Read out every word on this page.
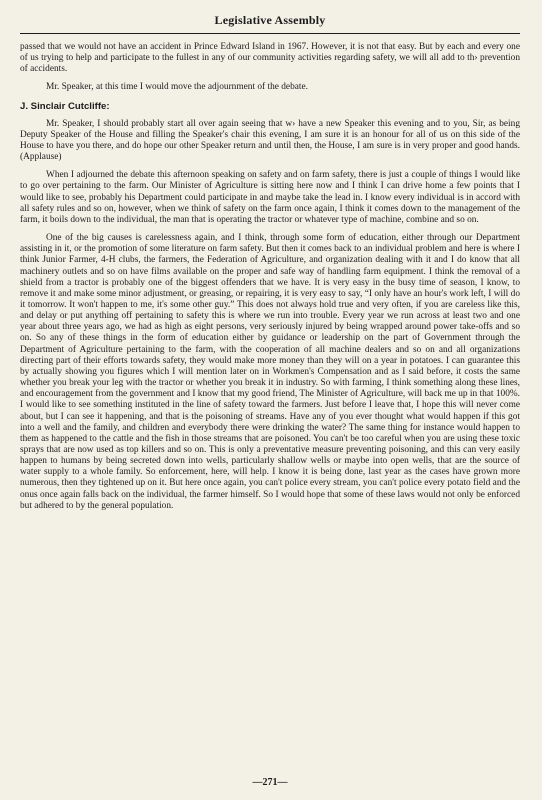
Legislative Assembly

passed that we would not have an accident in Prince Edward Island in 1967. However, it is not that easy. But by each and every one of us trying to help and participate to the fullest in any of our community activities regarding safety, we will all add to th› prevention of accidents.

Mr. Speaker, at this time I would move the adjournment of the debate.

J. Sinclair Cutcliffe:

Mr. Speaker, I should probably start all over again seeing that w› have a new Speaker this evening and to you, Sir, as being Deputy Speaker of the House and filling the Speaker's chair this evening, I am sure it is an honour for all of us on this side of the House to have you there, and do hope our other Speaker return and until then, the House, I am sure is in very proper and good hands. (Applause)

When I adjourned the debate this afternoon speaking on safety and on farm safety, there is just a couple of things I would like to go over pertaining to the farm. Our Minister of Agriculture is sitting here now and I think I can drive home a few points that I would like to see, probably his Department could participate in and maybe take the lead in. I know every individual is in accord with all safety rules and so on, however, when we think of safety on the farm once again, I think it comes down to the management of the farm, it boils down to the individual, the man that is operating the tractor or whatever type of machine, combine and so on.

One of the big causes is carelessness again, and I think, through some form of education, either through our Department assisting in it, or the promotion of some literature on farm safety. But then it comes back to an individual problem and here is where I think Junior Farmer, 4-H clubs, the farmers, the Federation of Agriculture, and organization dealing with it and I do know that all machinery outlets and so on have films available on the proper and safe way of handling farm equipment. I think the removal of a shield from a tractor is probably one of the biggest offenders that we have. It is very easy in the busy time of season, I know, to remove it and make some minor adjustment, or greasing, or repairing, it is very easy to say, “I only have an hour's work left, I will do it tomorrow. It won't happen to me, it's some other guy.” This does not always hold true and very often, if you are careless like this, and delay or put anything off pertaining to safety this is where we run into trouble. Every year we run across at least two and one year about three years ago, we had as high as eight persons, very seriously injured by being wrapped around power take-offs and so on. So any of these things in the form of education either by guidance or leadership on the part of Government through the Department of Agriculture pertaining to the farm, with the cooperation of all machine dealers and so on and all organizations directing part of their efforts towards safety, they would make more money than they will on a year in potatoes. I can guarantee this by actually showing you figures which I will mention later on in Workmen's Compensation and as I said before, it costs the same whether you break your leg with the tractor or whether you break it in industry. So with farming, I think something along these lines, and encouragement from the government and I know that my good friend, The Minister of Agriculture, will back me up in that 100%. I would like to see something instituted in the line of safety toward the farmers. Just before I leave that, I hope this will never come about, but I can see it happening, and that is the poisoning of streams. Have any of you ever thought what would happen if this got into a well and the family, and children and everybody there were drinking the water? The same thing for instance would happen to them as happened to the cattle and the fish in those streams that are poisoned. You can't be too careful when you are using these toxic sprays that are now used as top killers and so on. This is only a preventative measure preventing poisoning, and this can very easily happen to humans by being secreted down into wells, particularly shallow wells or maybe into open wells, that are the source of water supply to a whole family. So enforcement, here, will help. I know it is being done, last year as the cases have grown more numerous, then they tightened up on it. But here once again, you can't police every stream, you can't police every potato field and the onus once again falls back on the individual, the farmer himself. So I would hope that some of these laws would not only be enforced but adhered to by the general population.

—271—
